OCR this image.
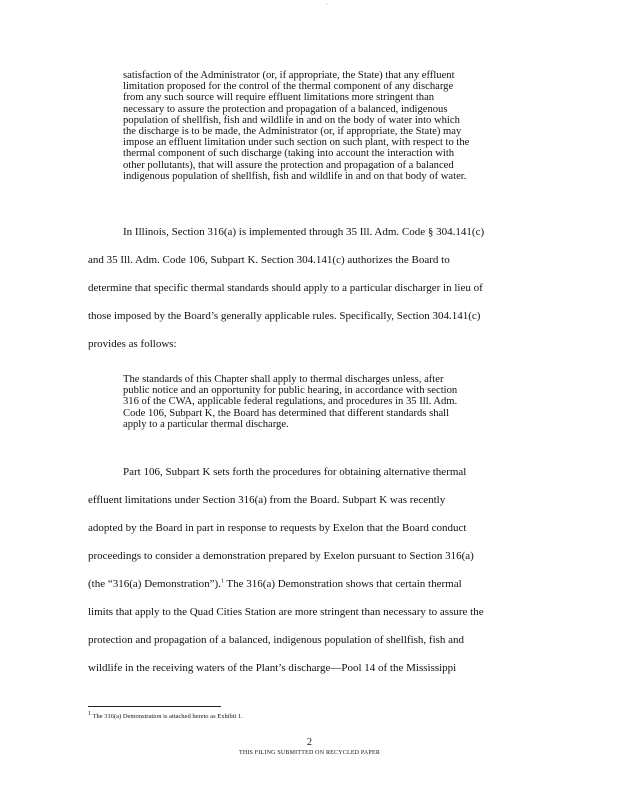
·
satisfaction of the Administrator (or, if appropriate, the State) that any effluent
limitation proposed for the control of the thermal component of any discharge
from any such source will require effluent limitations more stringent than
necessary to assure the protection and propagation of a balanced, indigenous
population of shellfish, fish and wildlife in and on the body of water into which
the discharge is to be made, the Administrator (or, if appropriate, the State) may
impose an effluent limitation under such section on such plant, with respect to the
thermal component of such discharge (taking into account the interaction with
other pollutants), that will assure the protection and propagation of a balanced
indigenous population of shellfish, fish and wildlife in and on that body of water.
In Illinois, Section 316(a) is implemented through 35 Ill. Adm. Code § 304.141(c)
and 35 Ill. Adm. Code 106, Subpart K. Section 304.141(c) authorizes the Board to
determine that specific thermal standards should apply to a particular discharger in lieu of
those imposed by the Board’s generally applicable rules. Specifically, Section 304.141(c)
provides as follows:
The standards of this Chapter shall apply to thermal discharges unless, after
public notice and an opportunity for public hearing, in accordance with section
316 of the CWA, applicable federal regulations, and procedures in 35 Ill. Adm.
Code 106, Subpart K, the Board has determined that different standards shall
apply to a particular thermal discharge.
Part 106, Subpart K sets forth the procedures for obtaining alternative thermal
effluent limitations under Section 316(a) from the Board. Subpart K was recently
adopted by the Board in part in response to requests by Exelon that the Board conduct
proceedings to consider a demonstration prepared by Exelon pursuant to Section 316(a)
(the “316(a) Demonstration”).$^1$ The 316(a) Demonstration shows that certain thermal
limits that apply to the Quad Cities Station are more stringent than necessary to assure the
protection and propagation of a balanced, indigenous population of shellfish, fish and
wildlife in the receiving waters of the Plant’s discharge—Pool 14 of the Mississippi
1 The 316(a) Demonstration is attached hereto as Exhibit 1.
2
THIS FILING SUBMITTED ON RECYCLED PAPER
